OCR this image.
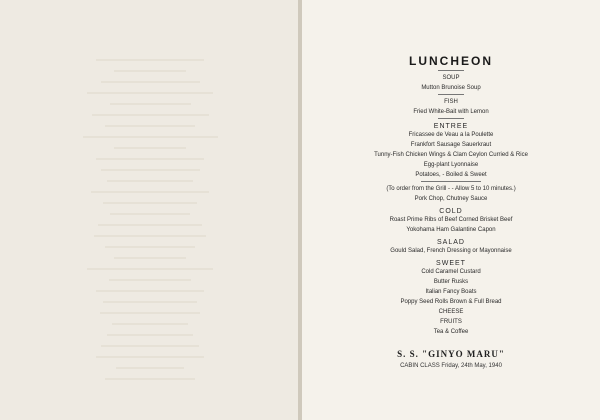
LUNCHEON
SOUP
Mutton Brunoise Soup
FISH
Fried White-Bait with Lemon
ENTREE
Fricassee de Veau a la Poulette
Frankfort Sausage Sauerkraut
Tunny-Fish Chicken Wings & Clam Ceylon Curried & Rice
Egg-plant Lyonnaise
Potatoes, - Boiled & Sweet
(To order from the Grill - - Allow 5 to 10 minutes.)
Pork Chop, Chutney Sauce
COLD
Roast Prime Ribs of Beef Corned Brisket Beef
Yokohama Ham Galantine Capon
SALAD
Gould Salad, French Dressing or Mayonnaise
SWEET
Cold Caramel Custard
Butter Rusks
Italian Fancy Boats
Poppy Seed Rolls Brown & Full Bread
CHEESE
FRUITS
Tea & Coffee
S. S. "GINYO MARU"
CABIN CLASS Friday, 24th May, 1940
